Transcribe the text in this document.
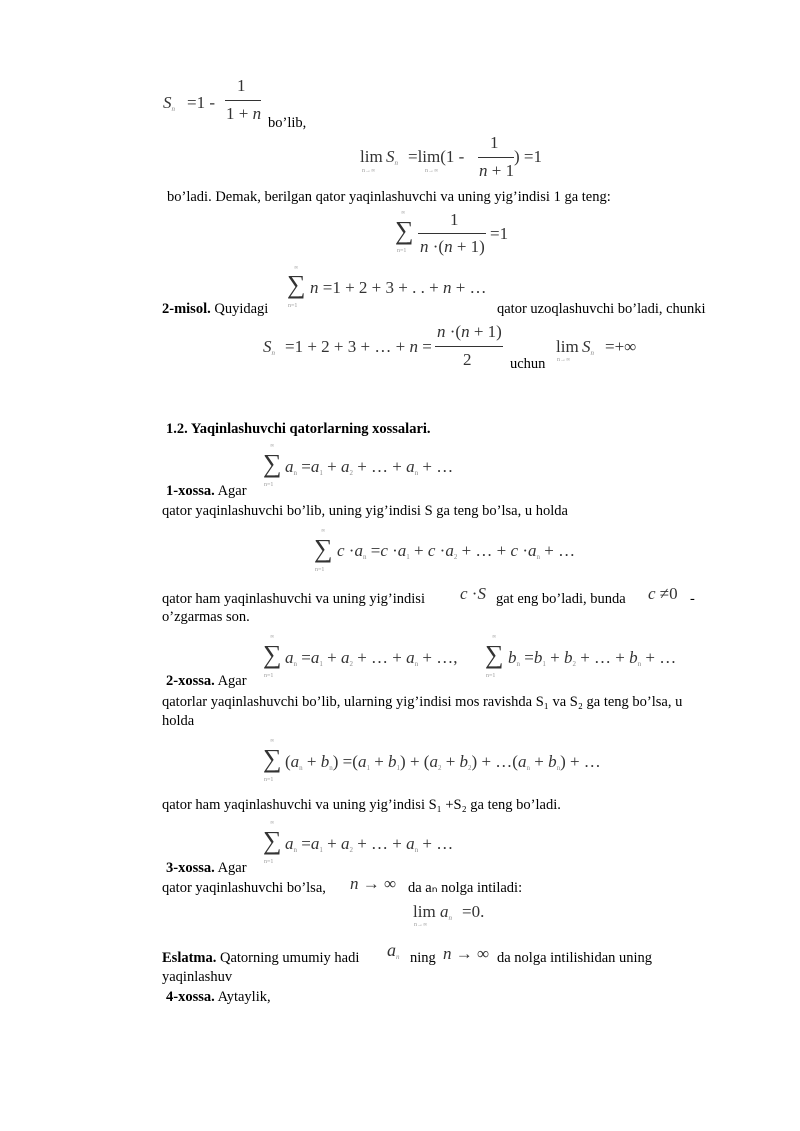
$S_n =1$ -
1
1 + n bo’lib,
lim
n→∞
$S_n =\lim(1$ -
n→∞
1
n + 1
) =1
bo’ladi. Demak, berilgan qator yaqinlashuvchi va uning yig’indisi 1 ga teng:
∞
∑
n=1
1
n ·(n + 1)
=1
∞
∑
n=1
n =1 + 2 + 3 + . . + n + …
2-misol. Quyidagi	qator uzoqlashuvchi bo’ladi, chunki
$S_n =1 + 2 + 3$ + … + n =
n ·(n + 1)
2	uchun
lim
n→∞
$S_n$ =+∞
1.2. Yaqinlashuvchi qatorlarning xossalari.
∞
∑
n=1
$a_n =a_1 + a_2$ + … + $a_n$ + …
1-xossa. Agar
qator yaqinlashuvchi bo’lib, uning yig’indisi S ga teng bo’lsa, u holda
∞
∑
n=1
$c \cdot a_n =c \cdot a_1 + c \cdot a_2$ + … + $c \cdot a_n$ + …
qator ham yaqinlashuvchi va uning yig’indisi c ·S gat eng bo’ladi, bunda c ≠0 -
o’zgarmas son.
∞
∑
n=1
$a_n =a_1 + a_2$ + … + $a_n$ + …,
∞
∑
n=1
$b_n =b_1 + b_2$ + … + $b_n$ + …
2-xossa. Agar
qatorlar yaqinlashuvchi bo’lib, ularning yig’indisi mos ravishda S₁ va S₂ ga teng bo’lsa, u
holda
∞
∑
n=1
$(a_n + b_n) =(a_1 + b_1) + (a_2 + b_2)$ + $\dots(a_n + b_n)$ + …
qator ham yaqinlashuvchi va uning yig’indisi S₁ +S₂ ga teng bo’ladi.
∞
∑
n=1
$a_n =a_1 + a_2$ + … + $a_n$ + …
3-xossa. Agar
qator yaqinlashuvchi bo’lsa, n → ∞ da aₙ nolga intiladi:
lim
n→∞
$a_n =0$.
Eslatma. Qatorning umumiy hadi $a_n$ ning n → ∞ da nolga intilishidan uning
yaqinlashuv
4-xossa. Aytaylik,
